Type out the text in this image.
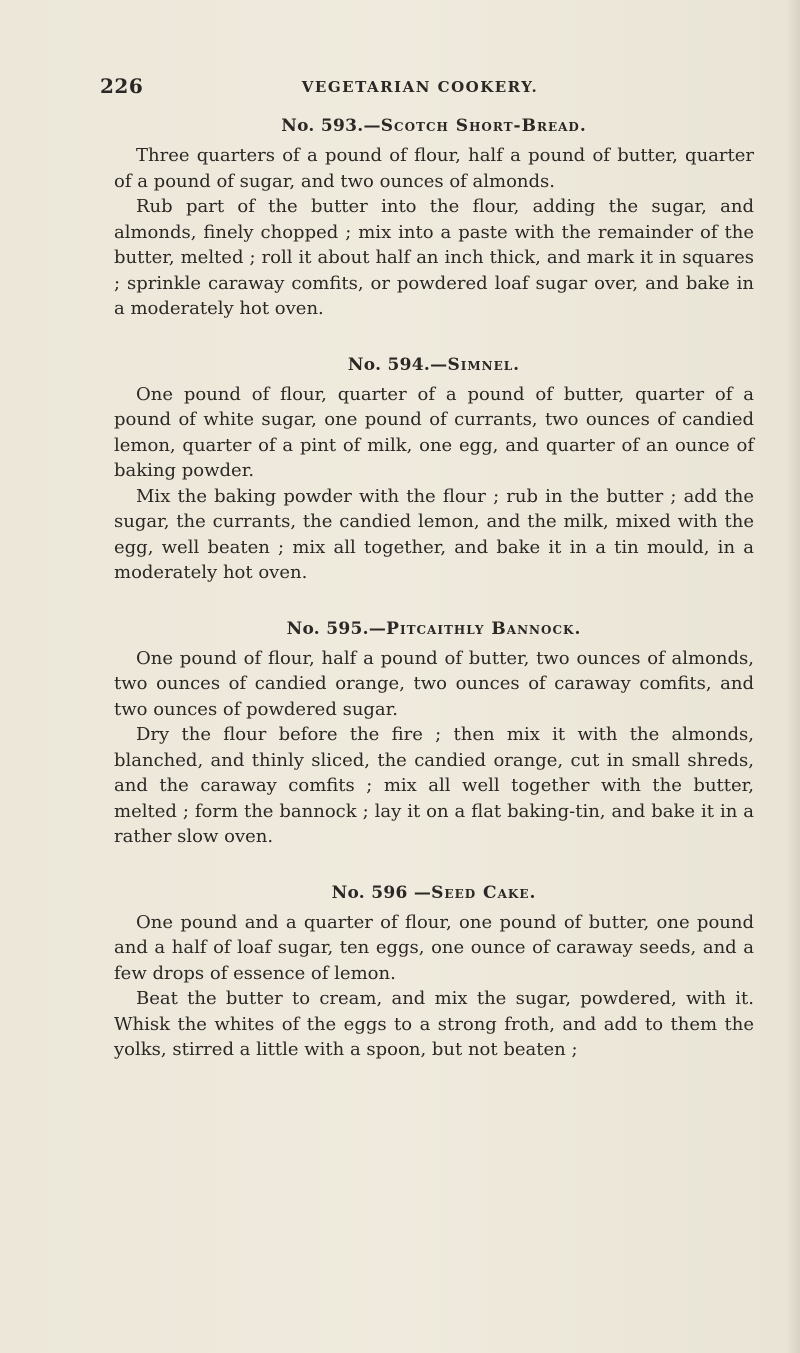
226	VEGETARIAN COOKERY.
No. 593.—Scotch Short-Bread.

Three quarters of a pound of flour, half a pound of butter, quarter of a pound of sugar, and two ounces of almonds.

Rub part of the butter into the flour, adding the sugar, and almonds, finely chopped ; mix into a paste with the remainder of the butter, melted ; roll it about half an inch thick, and mark it in squares ; sprinkle caraway comfits, or powdered loaf sugar over, and bake in a moderately hot oven.

No. 594.—Simnel.

One pound of flour, quarter of a pound of butter, quarter of a pound of white sugar, one pound of currants, two ounces of candied lemon, quarter of a pint of milk, one egg, and quarter of an ounce of baking powder.

Mix the baking powder with the flour ; rub in the butter ; add the sugar, the currants, the candied lemon, and the milk, mixed with the egg, well beaten ; mix all together, and bake it in a tin mould, in a moderately hot oven.

No. 595.—Pitcaithly Bannock.

One pound of flour, half a pound of butter, two ounces of almonds, two ounces of candied orange, two ounces of caraway comfits, and two ounces of powdered sugar.

Dry the flour before the fire ; then mix it with the almonds, blanched, and thinly sliced, the candied orange, cut in small shreds, and the caraway comfits ; mix all well together with the butter, melted ; form the bannock ; lay it on a flat baking-tin, and bake it in a rather slow oven.

No. 596 —Seed Cake.

One pound and a quarter of flour, one pound of butter, one pound and a half of loaf sugar, ten eggs, one ounce of caraway seeds, and a few drops of essence of lemon.

Beat the butter to cream, and mix the sugar, powdered, with it. Whisk the whites of the eggs to a strong froth, and add to them the yolks, stirred a little with a spoon, but not beaten ;
